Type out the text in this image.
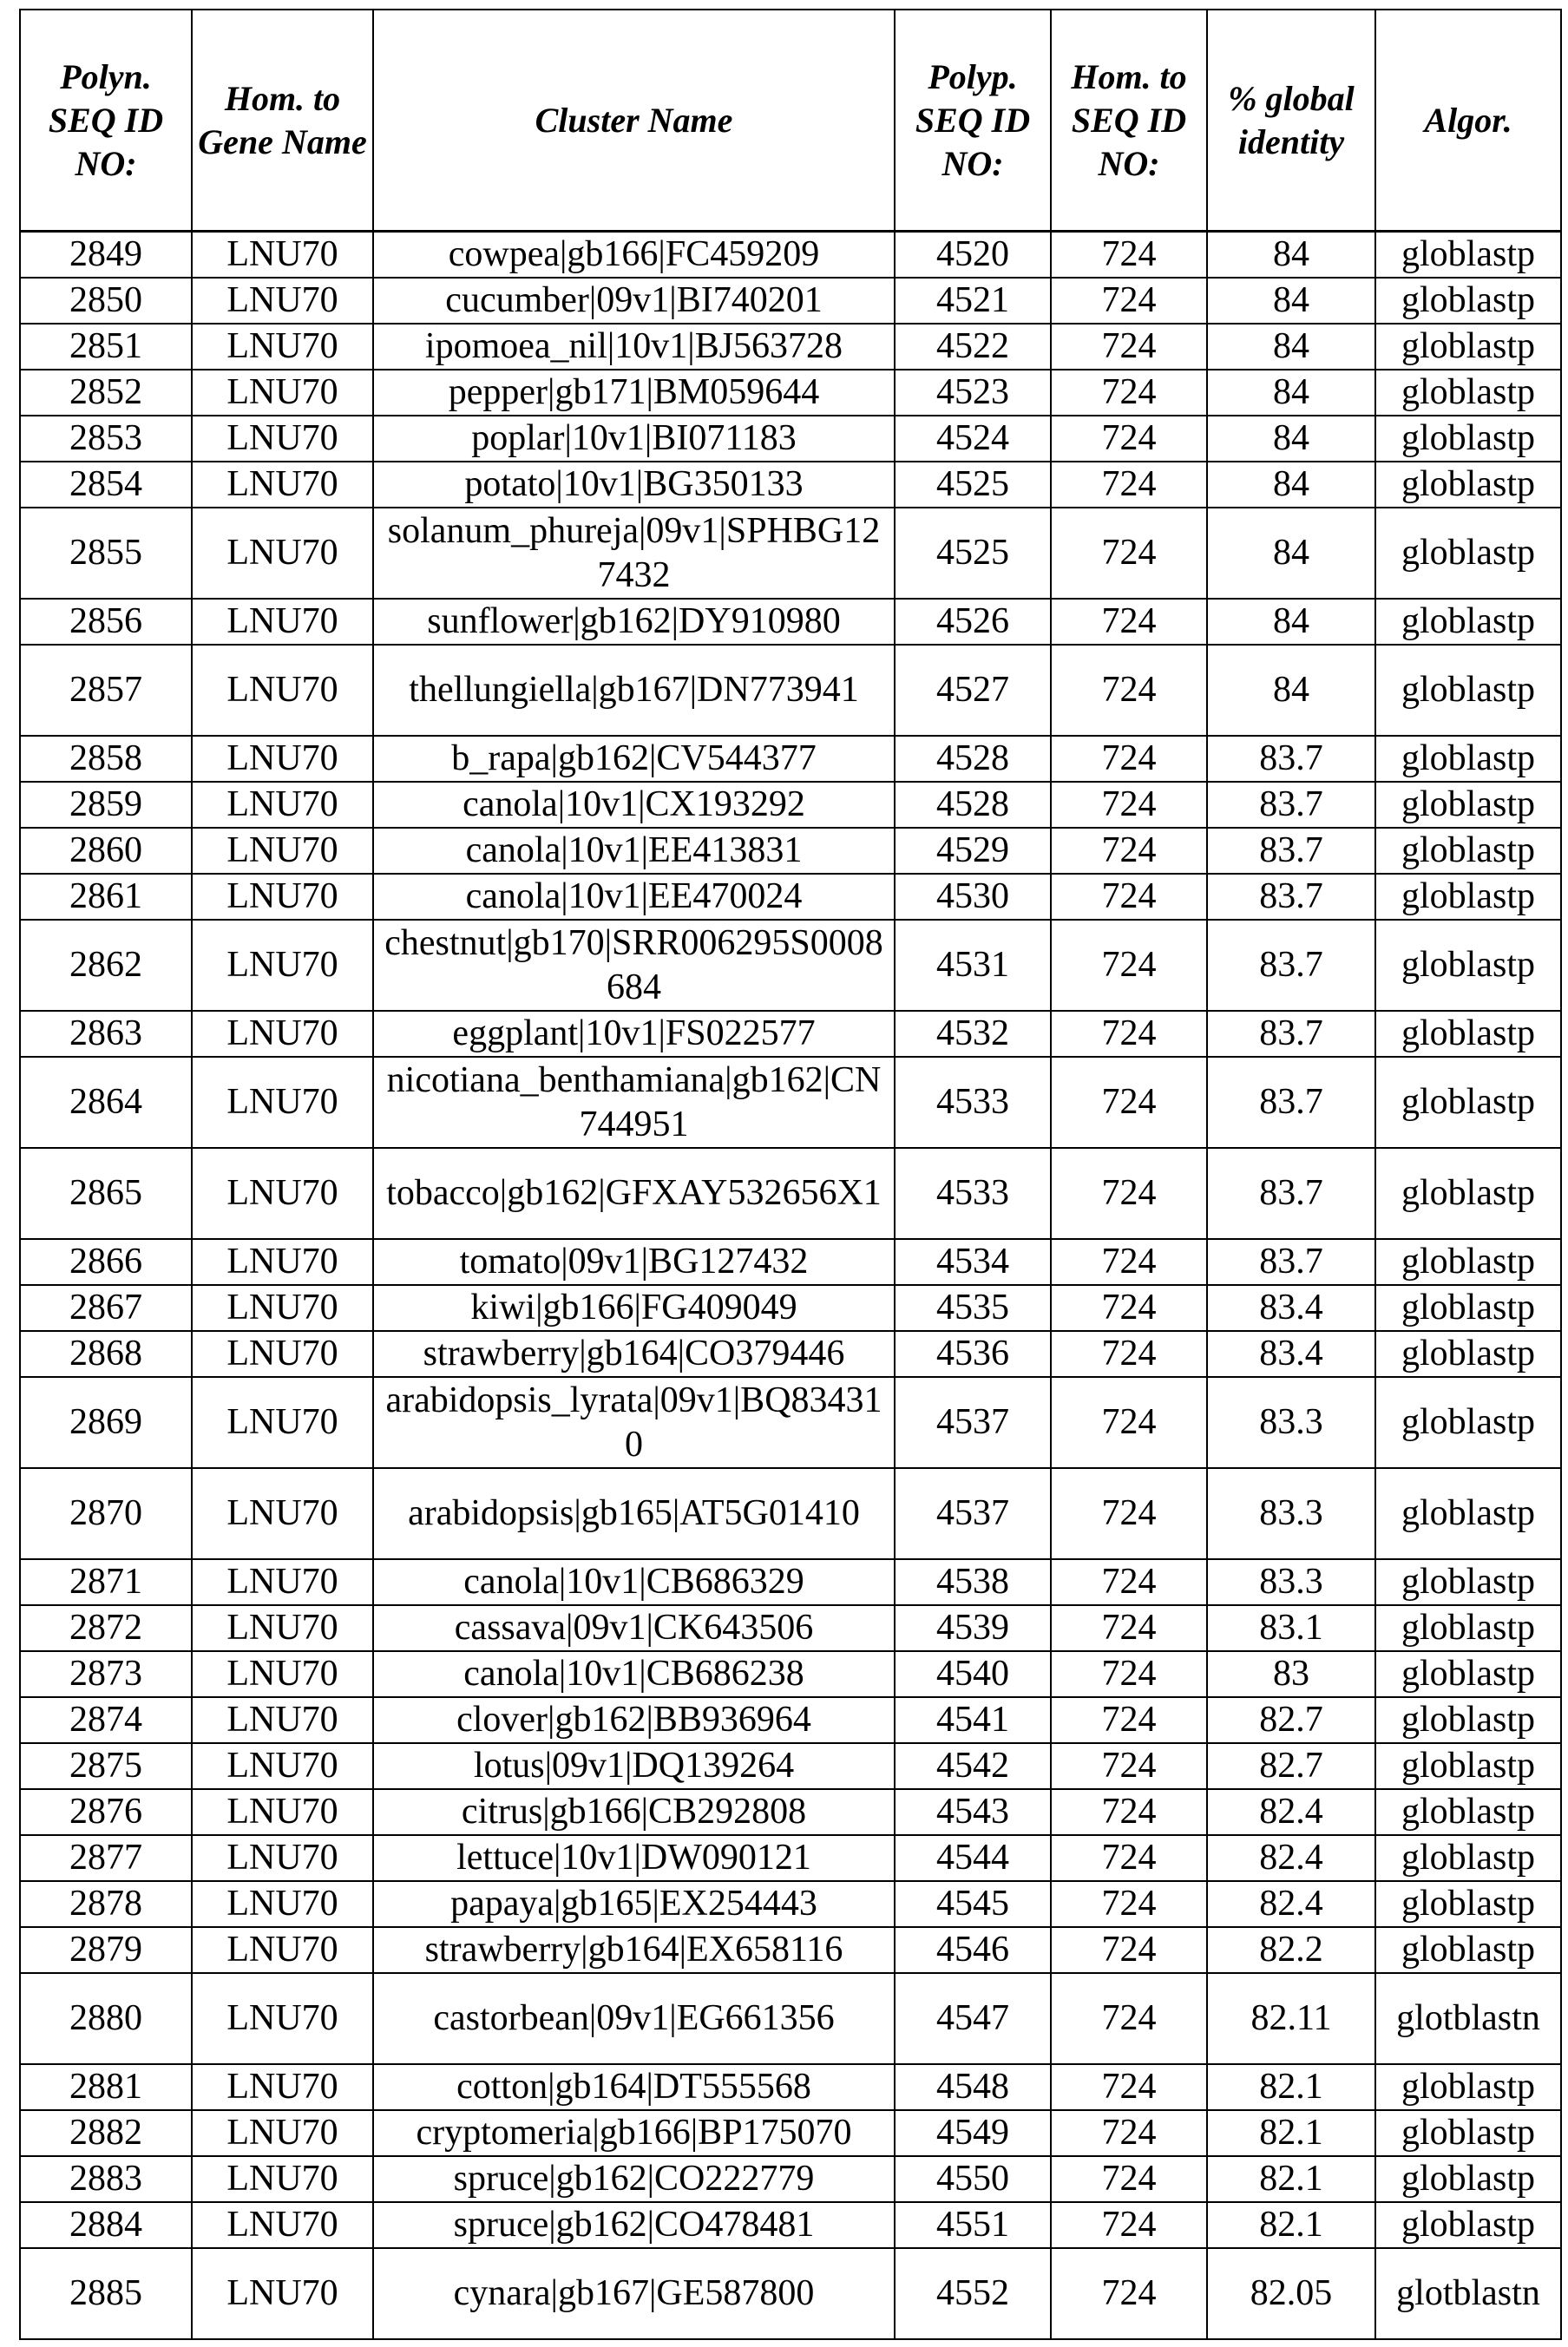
Polyn. SEQ ID NO:	Hom. to Gene Name	Cluster Name	Polyp. SEQ ID NO:	Hom. to SEQ ID NO:	% global identity	Algor.
2849	LNU70	cowpea|gb166|FC459209	4520	724	84	globlastp
2850	LNU70	cucumber|09v1|BI740201	4521	724	84	globlastp
2851	LNU70	ipomoea_nil|10v1|BJ563728	4522	724	84	globlastp
2852	LNU70	pepper|gb171|BM059644	4523	724	84	globlastp
2853	LNU70	poplar|10v1|BI071183	4524	724	84	globlastp
2854	LNU70	potato|10v1|BG350133	4525	724	84	globlastp
2855	LNU70	solanum_phureja|09v1|SPHBG127432	4525	724	84	globlastp
2856	LNU70	sunflower|gb162|DY910980	4526	724	84	globlastp
2857	LNU70	thellungiella|gb167|DN773941	4527	724	84	globlastp
2858	LNU70	b_rapa|gb162|CV544377	4528	724	83.7	globlastp
2859	LNU70	canola|10v1|CX193292	4528	724	83.7	globlastp
2860	LNU70	canola|10v1|EE413831	4529	724	83.7	globlastp
2861	LNU70	canola|10v1|EE470024	4530	724	83.7	globlastp
2862	LNU70	chestnut|gb170|SRR006295S0008684	4531	724	83.7	globlastp
2863	LNU70	eggplant|10v1|FS022577	4532	724	83.7	globlastp
2864	LNU70	nicotiana_benthamiana|gb162|CN744951	4533	724	83.7	globlastp
2865	LNU70	tobacco|gb162|GFXAY532656X1	4533	724	83.7	globlastp
2866	LNU70	tomato|09v1|BG127432	4534	724	83.7	globlastp
2867	LNU70	kiwi|gb166|FG409049	4535	724	83.4	globlastp
2868	LNU70	strawberry|gb164|CO379446	4536	724	83.4	globlastp
2869	LNU70	arabidopsis_lyrata|09v1|BQ834310	4537	724	83.3	globlastp
2870	LNU70	arabidopsis|gb165|AT5G01410	4537	724	83.3	globlastp
2871	LNU70	canola|10v1|CB686329	4538	724	83.3	globlastp
2872	LNU70	cassava|09v1|CK643506	4539	724	83.1	globlastp
2873	LNU70	canola|10v1|CB686238	4540	724	83	globlastp
2874	LNU70	clover|gb162|BB936964	4541	724	82.7	globlastp
2875	LNU70	lotus|09v1|DQ139264	4542	724	82.7	globlastp
2876	LNU70	citrus|gb166|CB292808	4543	724	82.4	globlastp
2877	LNU70	lettuce|10v1|DW090121	4544	724	82.4	globlastp
2878	LNU70	papaya|gb165|EX254443	4545	724	82.4	globlastp
2879	LNU70	strawberry|gb164|EX658116	4546	724	82.2	globlastp
2880	LNU70	castorbean|09v1|EG661356	4547	724	82.11	glotblastn
2881	LNU70	cotton|gb164|DT555568	4548	724	82.1	globlastp
2882	LNU70	cryptomeria|gb166|BP175070	4549	724	82.1	globlastp
2883	LNU70	spruce|gb162|CO222779	4550	724	82.1	globlastp
2884	LNU70	spruce|gb162|CO478481	4551	724	82.1	globlastp
2885	LNU70	cynara|gb167|GE587800	4552	724	82.05	glotblastn
